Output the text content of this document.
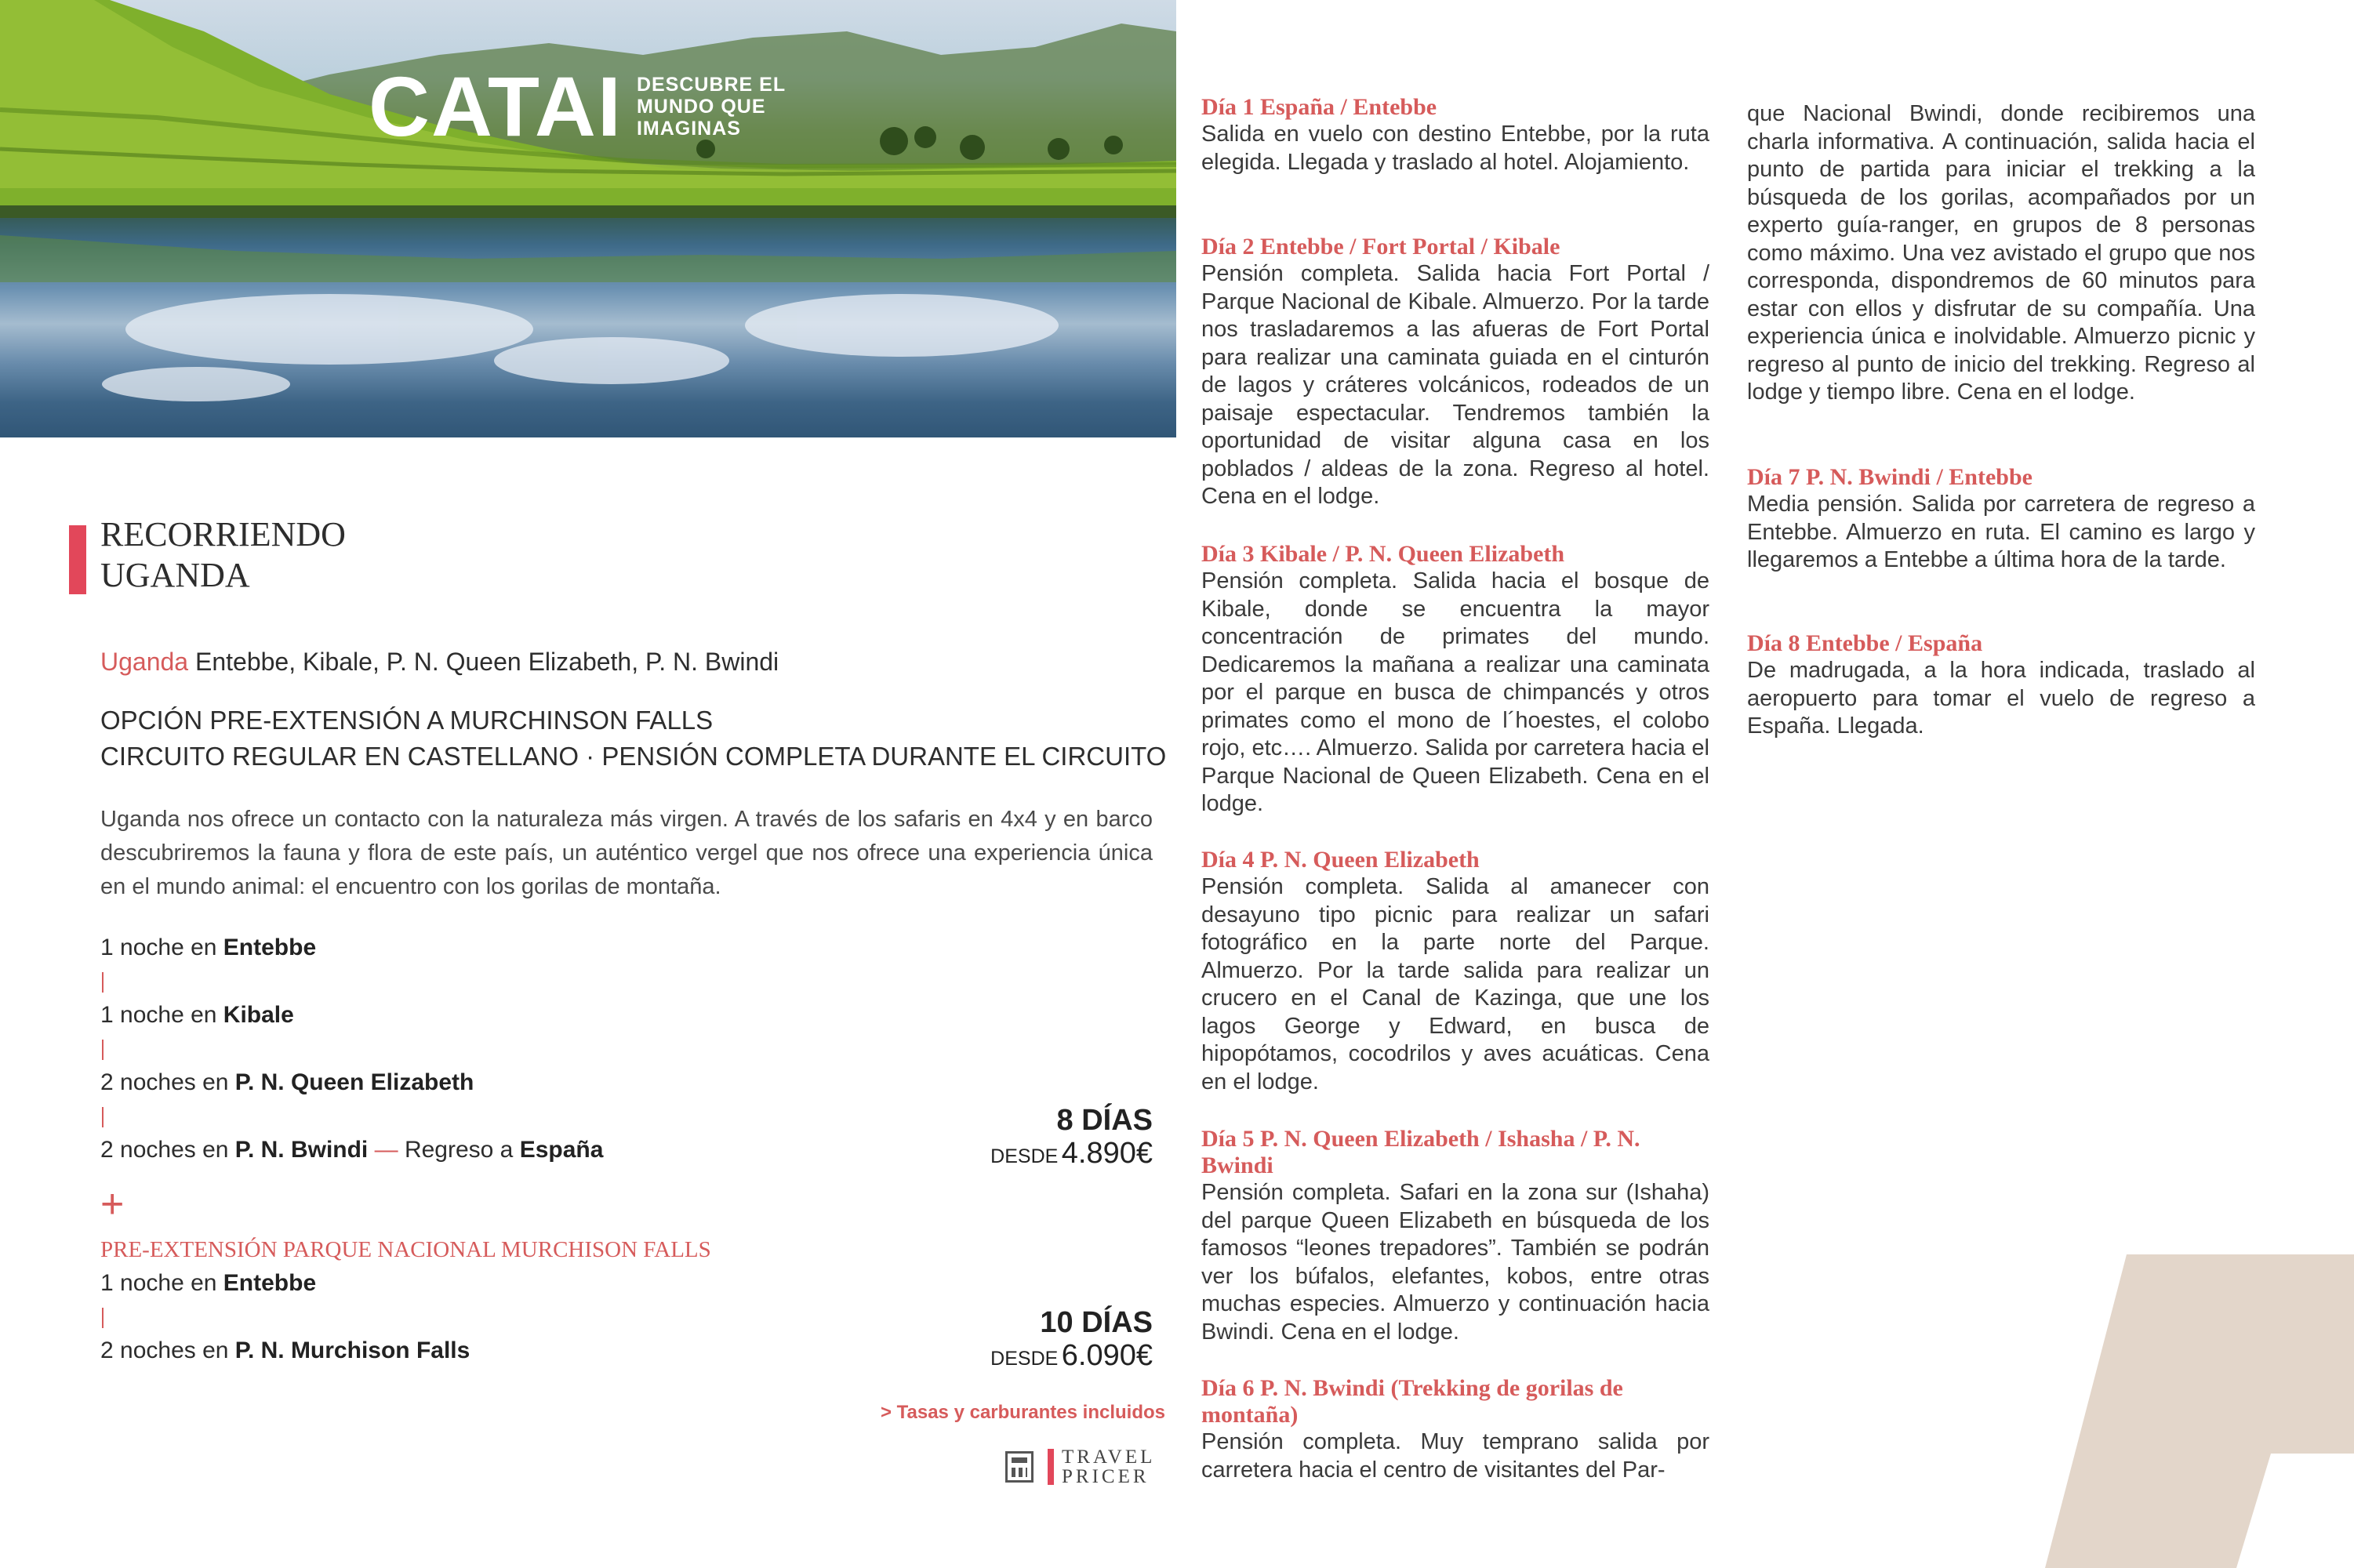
CATAI DESCUBRE EL
MUNDO QUE
IMAGINAS
RECORRIENDO
UGANDA
Uganda Entebbe, Kibale, P. N. Queen Elizabeth, P. N. Bwindi
OPCIÓN PRE-EXTENSIÓN A MURCHINSON FALLS
CIRCUITO REGULAR EN CASTELLANO · PENSIÓN COMPLETA DURANTE EL CIRCUITO
Uganda nos ofrece un contacto con la naturaleza más virgen. A través de los safaris en 4x4 y en barco descubriremos la fauna y flora de este país, un auténtico vergel que nos ofrece una experiencia única en el mundo animal: el encuentro con los gorilas de montaña.
1 noche en Entebbe
1 noche en Kibale
2 noches en P. N. Queen Elizabeth
2 noches en P. N. Bwindi — Regreso a España
+
PRE-EXTENSIÓN PARQUE NACIONAL MURCHISON FALLS
1 noche en Entebbe
2 noches en P. N. Murchison Falls
8 DÍAS
DESDE 4.890€
10 DÍAS
DESDE 6.090€
> Tasas y carburantes incluidos
TRAVEL
PRICER
Día 1 España / Entebbe
Salida en vuelo con destino Entebbe, por la ruta elegida. Llegada y traslado al hotel. Alojamiento.
Día 2 Entebbe / Fort Portal / Kibale
Pensión completa. Salida hacia Fort Portal / Parque Nacional de Kibale. Almuerzo. Por la tarde nos trasladaremos a las afueras de Fort Portal para realizar una caminata guiada en el cinturón de lagos y cráteres volcánicos, rodeados de un paisaje espectacular. Tendremos también la oportunidad de visitar alguna casa en los poblados / aldeas de la zona. Regreso al hotel. Cena en el lodge.
Día 3 Kibale / P. N. Queen Elizabeth
Pensión completa. Salida hacia el bosque de Kibale, donde se encuentra la mayor concentración de primates del mundo. Dedicaremos la mañana a realizar una caminata por el parque en busca de chimpancés y otros primates como el mono de l´hoestes, el colobo rojo, etc…. Almuerzo. Salida por carretera hacia el Parque Nacional de Queen Elizabeth. Cena en el lodge.
Día 4 P. N. Queen Elizabeth
Pensión completa. Salida al amanecer con desayuno tipo picnic para realizar un safari fotográfico en la parte norte del Parque. Almuerzo. Por la tarde salida para realizar un crucero en el Canal de Kazinga, que une los lagos George y Edward, en busca de hipopótamos, cocodrilos y aves acuáticas. Cena en el lodge.
Día 5 P. N. Queen Elizabeth / Ishasha / P. N. Bwindi
Pensión completa. Safari en la zona sur (Ishaha) del parque Queen Elizabeth en búsqueda de los famosos “leones trepadores”. También se podrán ver los búfalos, elefantes, kobos, entre otras muchas especies. Almuerzo y continuación hacia Bwindi. Cena en el lodge.
Día 6 P. N. Bwindi (Trekking de gorilas de montaña)
Pensión completa. Muy temprano salida por carretera hacia el centro de visitantes del Par-
que Nacional Bwindi, donde recibiremos una charla informativa. A continuación, salida hacia el punto de partida para iniciar el trekking a la búsqueda de los gorilas, acompañados por un experto guía-ranger, en grupos de 8 personas como máximo. Una vez avistado el grupo que nos corresponda, dispondremos de 60 minutos para estar con ellos y disfrutar de su compañía. Una experiencia única e inolvidable. Almuerzo picnic y regreso al punto de inicio del trekking. Regreso al lodge y tiempo libre. Cena en el lodge.
Día 7 P. N. Bwindi / Entebbe
Media pensión. Salida por carretera de regreso a Entebbe. Almuerzo en ruta. El camino es largo y llegaremos a Entebbe a última hora de la tarde.
Día 8 Entebbe / España
De madrugada, a la hora indicada, traslado al aeropuerto para tomar el vuelo de regreso a España. Llegada.
